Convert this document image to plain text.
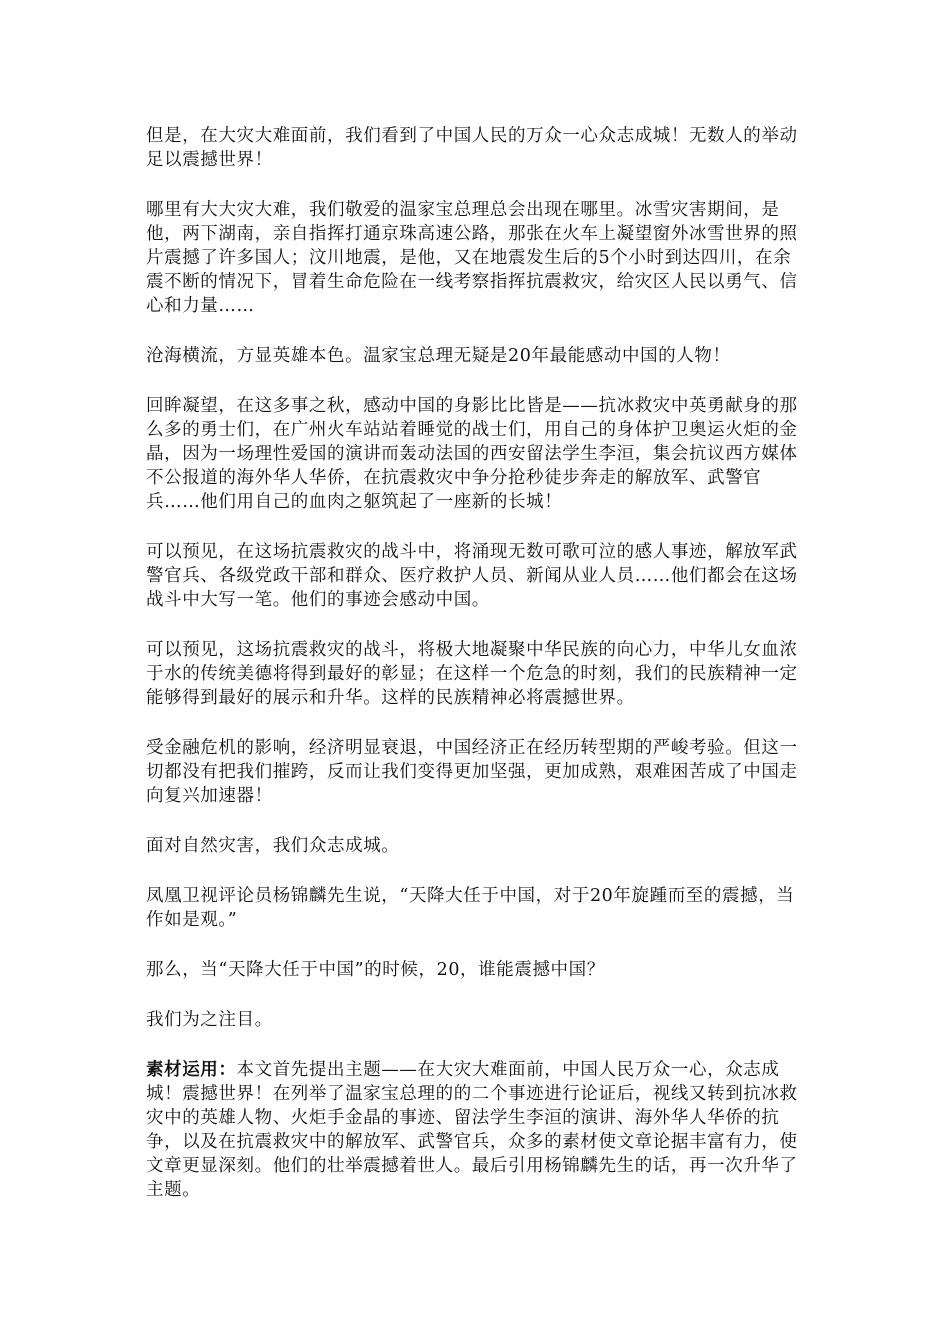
但是，在大灾大难面前，我们看到了中国人民的万众一心众志成城！无数人的举动足以震撼世界！

哪里有大大灾大难，我们敬爱的温家宝总理总会出现在哪里。冰雪灾害期间，是他，两下湖南，亲自指挥打通京珠高速公路，那张在火车上凝望窗外冰雪世界的照片震撼了许多国人；汶川地震，是他，又在地震发生后的5个小时到达四川，在余震不断的情况下，冒着生命危险在一线考察指挥抗震救灾，给灾区人民以勇气、信心和力量……

沧海横流，方显英雄本色。温家宝总理无疑是20年最能感动中国的人物！

回眸凝望，在这多事之秋，感动中国的身影比比皆是——抗冰救灾中英勇献身的那么多的勇士们，在广州火车站站着睡觉的战士们，用自己的身体护卫奥运火炬的金晶，因为一场理性爱国的演讲而轰动法国的西安留法学生李洹，集会抗议西方媒体不公报道的海外华人华侨，在抗震救灾中争分抢秒徒步奔走的解放军、武警官兵……他们用自己的血肉之躯筑起了一座新的长城！

可以预见，在这场抗震救灾的战斗中，将涌现无数可歌可泣的感人事迹，解放军武警官兵、各级党政干部和群众、医疗救护人员、新闻从业人员……他们都会在这场战斗中大写一笔。他们的事迹会感动中国。

可以预见，这场抗震救灾的战斗，将极大地凝聚中华民族的向心力，中华儿女血浓于水的传统美德将得到最好的彰显；在这样一个危急的时刻，我们的民族精神一定能够得到最好的展示和升华。这样的民族精神必将震撼世界。

受金融危机的影响，经济明显衰退，中国经济正在经历转型期的严峻考验。但这一切都没有把我们摧跨，反而让我们变得更加坚强，更加成熟，艰难困苦成了中国走向复兴加速器！

面对自然灾害，我们众志成城。

凤凰卫视评论员杨锦麟先生说，“天降大任于中国，对于20年旋踵而至的震撼，当作如是观。”

那么，当“天降大任于中国”的时候，20，谁能震撼中国？

我们为之注目。

素材运用：本文首先提出主题——在大灾大难面前，中国人民万众一心，众志成城！震撼世界！在列举了温家宝总理的的二个事迹进行论证后，视线又转到抗冰救灾中的英雄人物、火炬手金晶的事迹、留法学生李洹的演讲、海外华人华侨的抗争，以及在抗震救灾中的解放军、武警官兵，众多的素材使文章论据丰富有力，使文章更显深刻。他们的壮举震撼着世人。最后引用杨锦麟先生的话，再一次升华了主题。
